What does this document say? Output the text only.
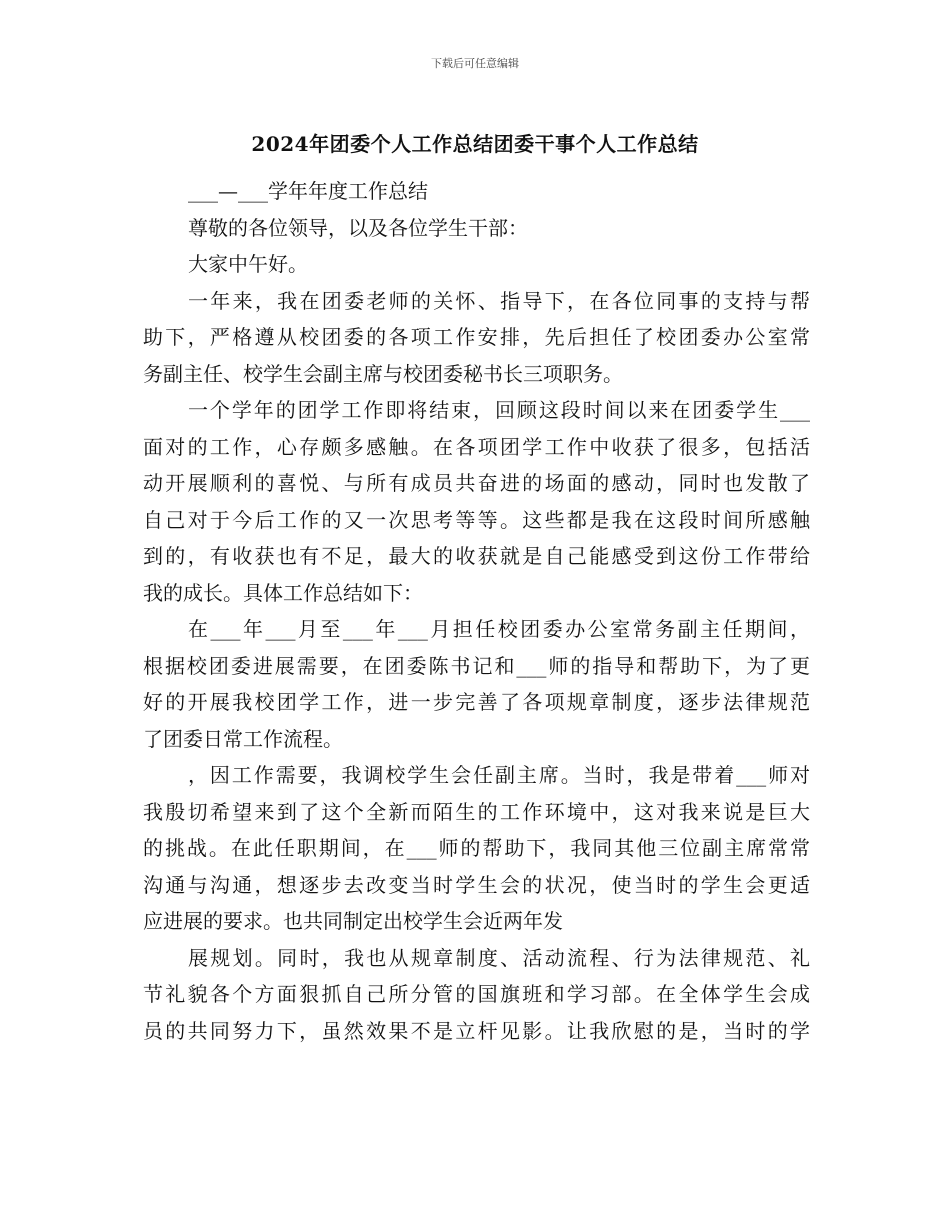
下载后可任意编辑
2024年团委个人工作总结团委干事个人工作总结
___—___学年年度工作总结
尊敬的各位领导，以及各位学生干部：
大家中午好。
一年来，我在团委老师的关怀、指导下，在各位同事的支持与帮
助下，严格遵从校团委的各项工作安排，先后担任了校团委办公室常
务副主任、校学生会副主席与校团委秘书长三项职务。
一个学年的团学工作即将结束，回顾这段时间以来在团委学生___
面对的工作，心存颇多感触。在各项团学工作中收获了很多，包括活
动开展顺利的喜悦、与所有成员共奋进的场面的感动，同时也发散了
自己对于今后工作的又一次思考等等。这些都是我在这段时间所感触
到的，有收获也有不足，最大的收获就是自己能感受到这份工作带给
我的成长。具体工作总结如下：
在___年___月至___年___月担任校团委办公室常务副主任期间，
根据校团委进展需要，在团委陈书记和___师的指导和帮助下，为了更
好的开展我校团学工作，进一步完善了各项规章制度，逐步法律规范
了团委日常工作流程。
，因工作需要，我调校学生会任副主席。当时，我是带着___师对
我殷切希望来到了这个全新而陌生的工作环境中，这对我来说是巨大
的挑战。在此任职期间，在___师的帮助下，我同其他三位副主席常常
沟通与沟通，想逐步去改变当时学生会的状况，使当时的学生会更适
应进展的要求。也共同制定出校学生会近两年发
展规划。同时，我也从规章制度、活动流程、行为法律规范、礼
节礼貌各个方面狠抓自己所分管的国旗班和学习部。在全体学生会成
员的共同努力下，虽然效果不是立杆见影。让我欣慰的是，当时的学
